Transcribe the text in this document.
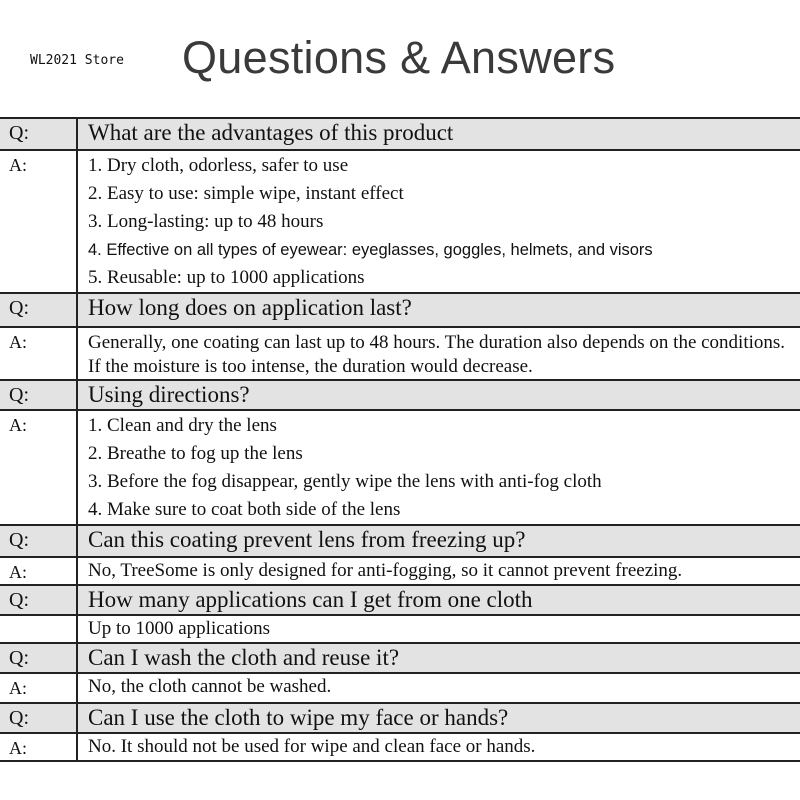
WL2021 Store Questions & Answers
Q:	What are the advantages of this product
A:	1. Dry cloth, odorless, safer to use
2. Easy to use: simple wipe, instant effect
3. Long-lasting: up to 48 hours
4. Effective on all types of eyewear: eyeglasses, goggles, helmets, and visors
5. Reusable: up to 1000 applications

Q:	How long does on application last?
A:	Generally, one coating can last up to 48 hours. The duration also depends on the conditions. If the moisture is too intense, the duration would decrease.

Q:	Using directions?
A:	1. Clean and dry the lens
2. Breathe to fog up the lens
3. Before the fog disappear, gently wipe the lens with anti-fog cloth
4. Make sure to coat both side of the lens

Q:	Can this coating prevent lens from freezing up?
A:	No, TreeSome is only designed for anti-fogging, so it cannot prevent freezing.

Q:	How many applications can I get from one cloth

	Up to 1000 applications

Q:	Can I wash the cloth and reuse it?
A:	No, the cloth cannot be washed.

Q:	Can I use the cloth to wipe my face or hands?
A:	No. It should not be used for wipe and clean face or hands.
